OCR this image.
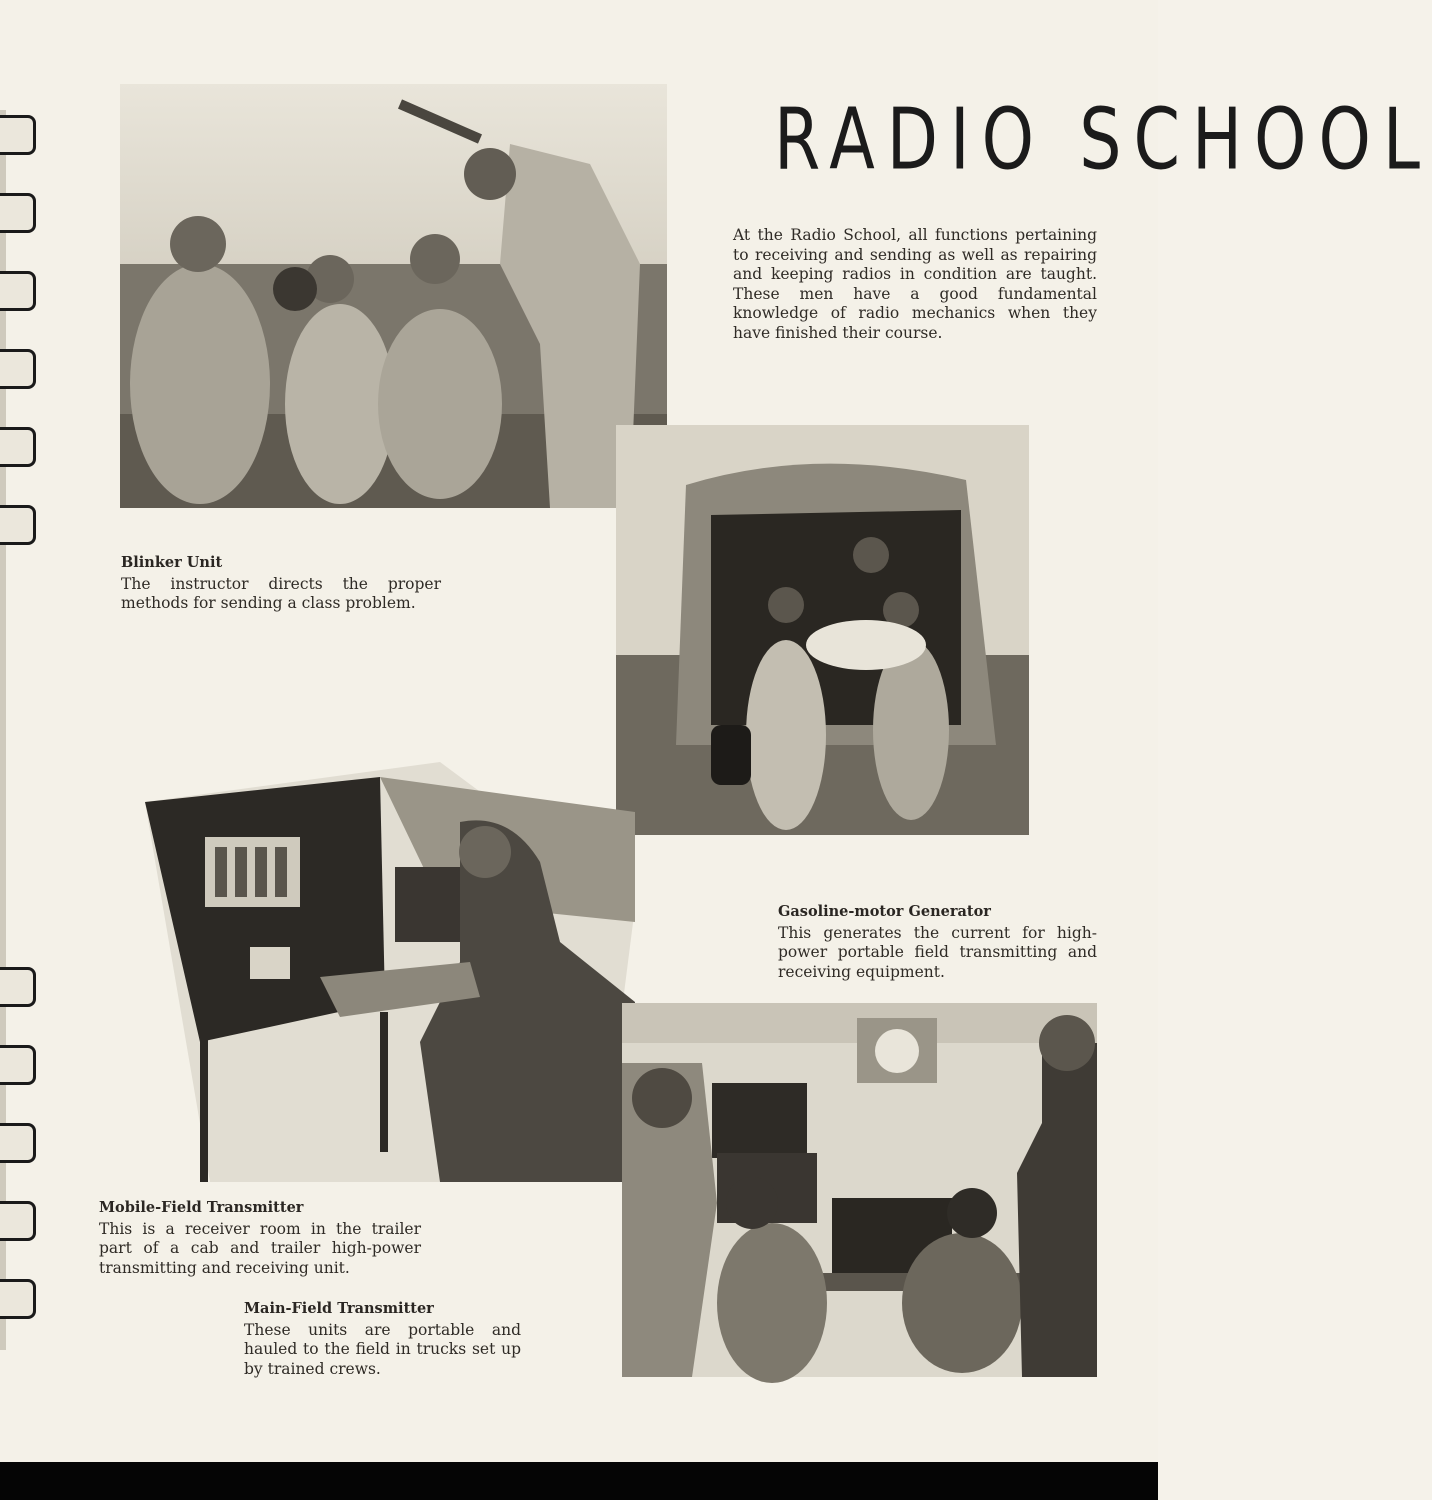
RADIO SCHOOL
At the Radio School, all functions pertaining to receiving and sending as well as repairing and keeping radios in condition are taught. These men have a good fundamental knowledge of radio mechanics when they have finished their course.
Blinker Unit
The instructor directs the proper methods for sending a class problem.
Gasoline-motor Generator
This generates the current for high-power portable field transmitting and receiving equipment.
Mobile-Field Transmitter
This is a receiver room in the trailer part of a cab and trailer high-power transmitting and receiving unit.
Main-Field Transmitter
These units are portable and hauled to the field in trucks set up by trained crews.
